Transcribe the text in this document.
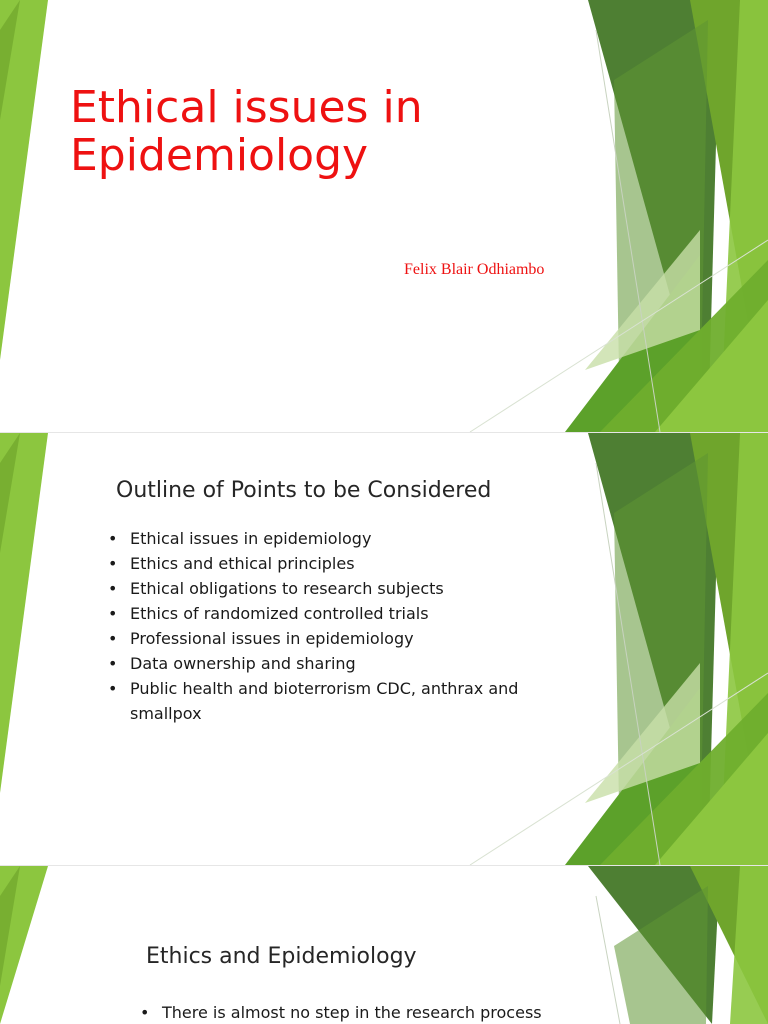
Ethical issues in
Epidemiology
Felix Blair Odhiambo
Outline of Points to be Considered
• Ethical issues in epidemiology
• Ethics and ethical principles
• Ethical obligations to research subjects
• Ethics of randomized controlled trials
• Professional issues in epidemiology
• Data ownership and sharing
• Public health and bioterrorism CDC, anthrax and smallpox
Ethics and Epidemiology
• There is almost no step in the research process
